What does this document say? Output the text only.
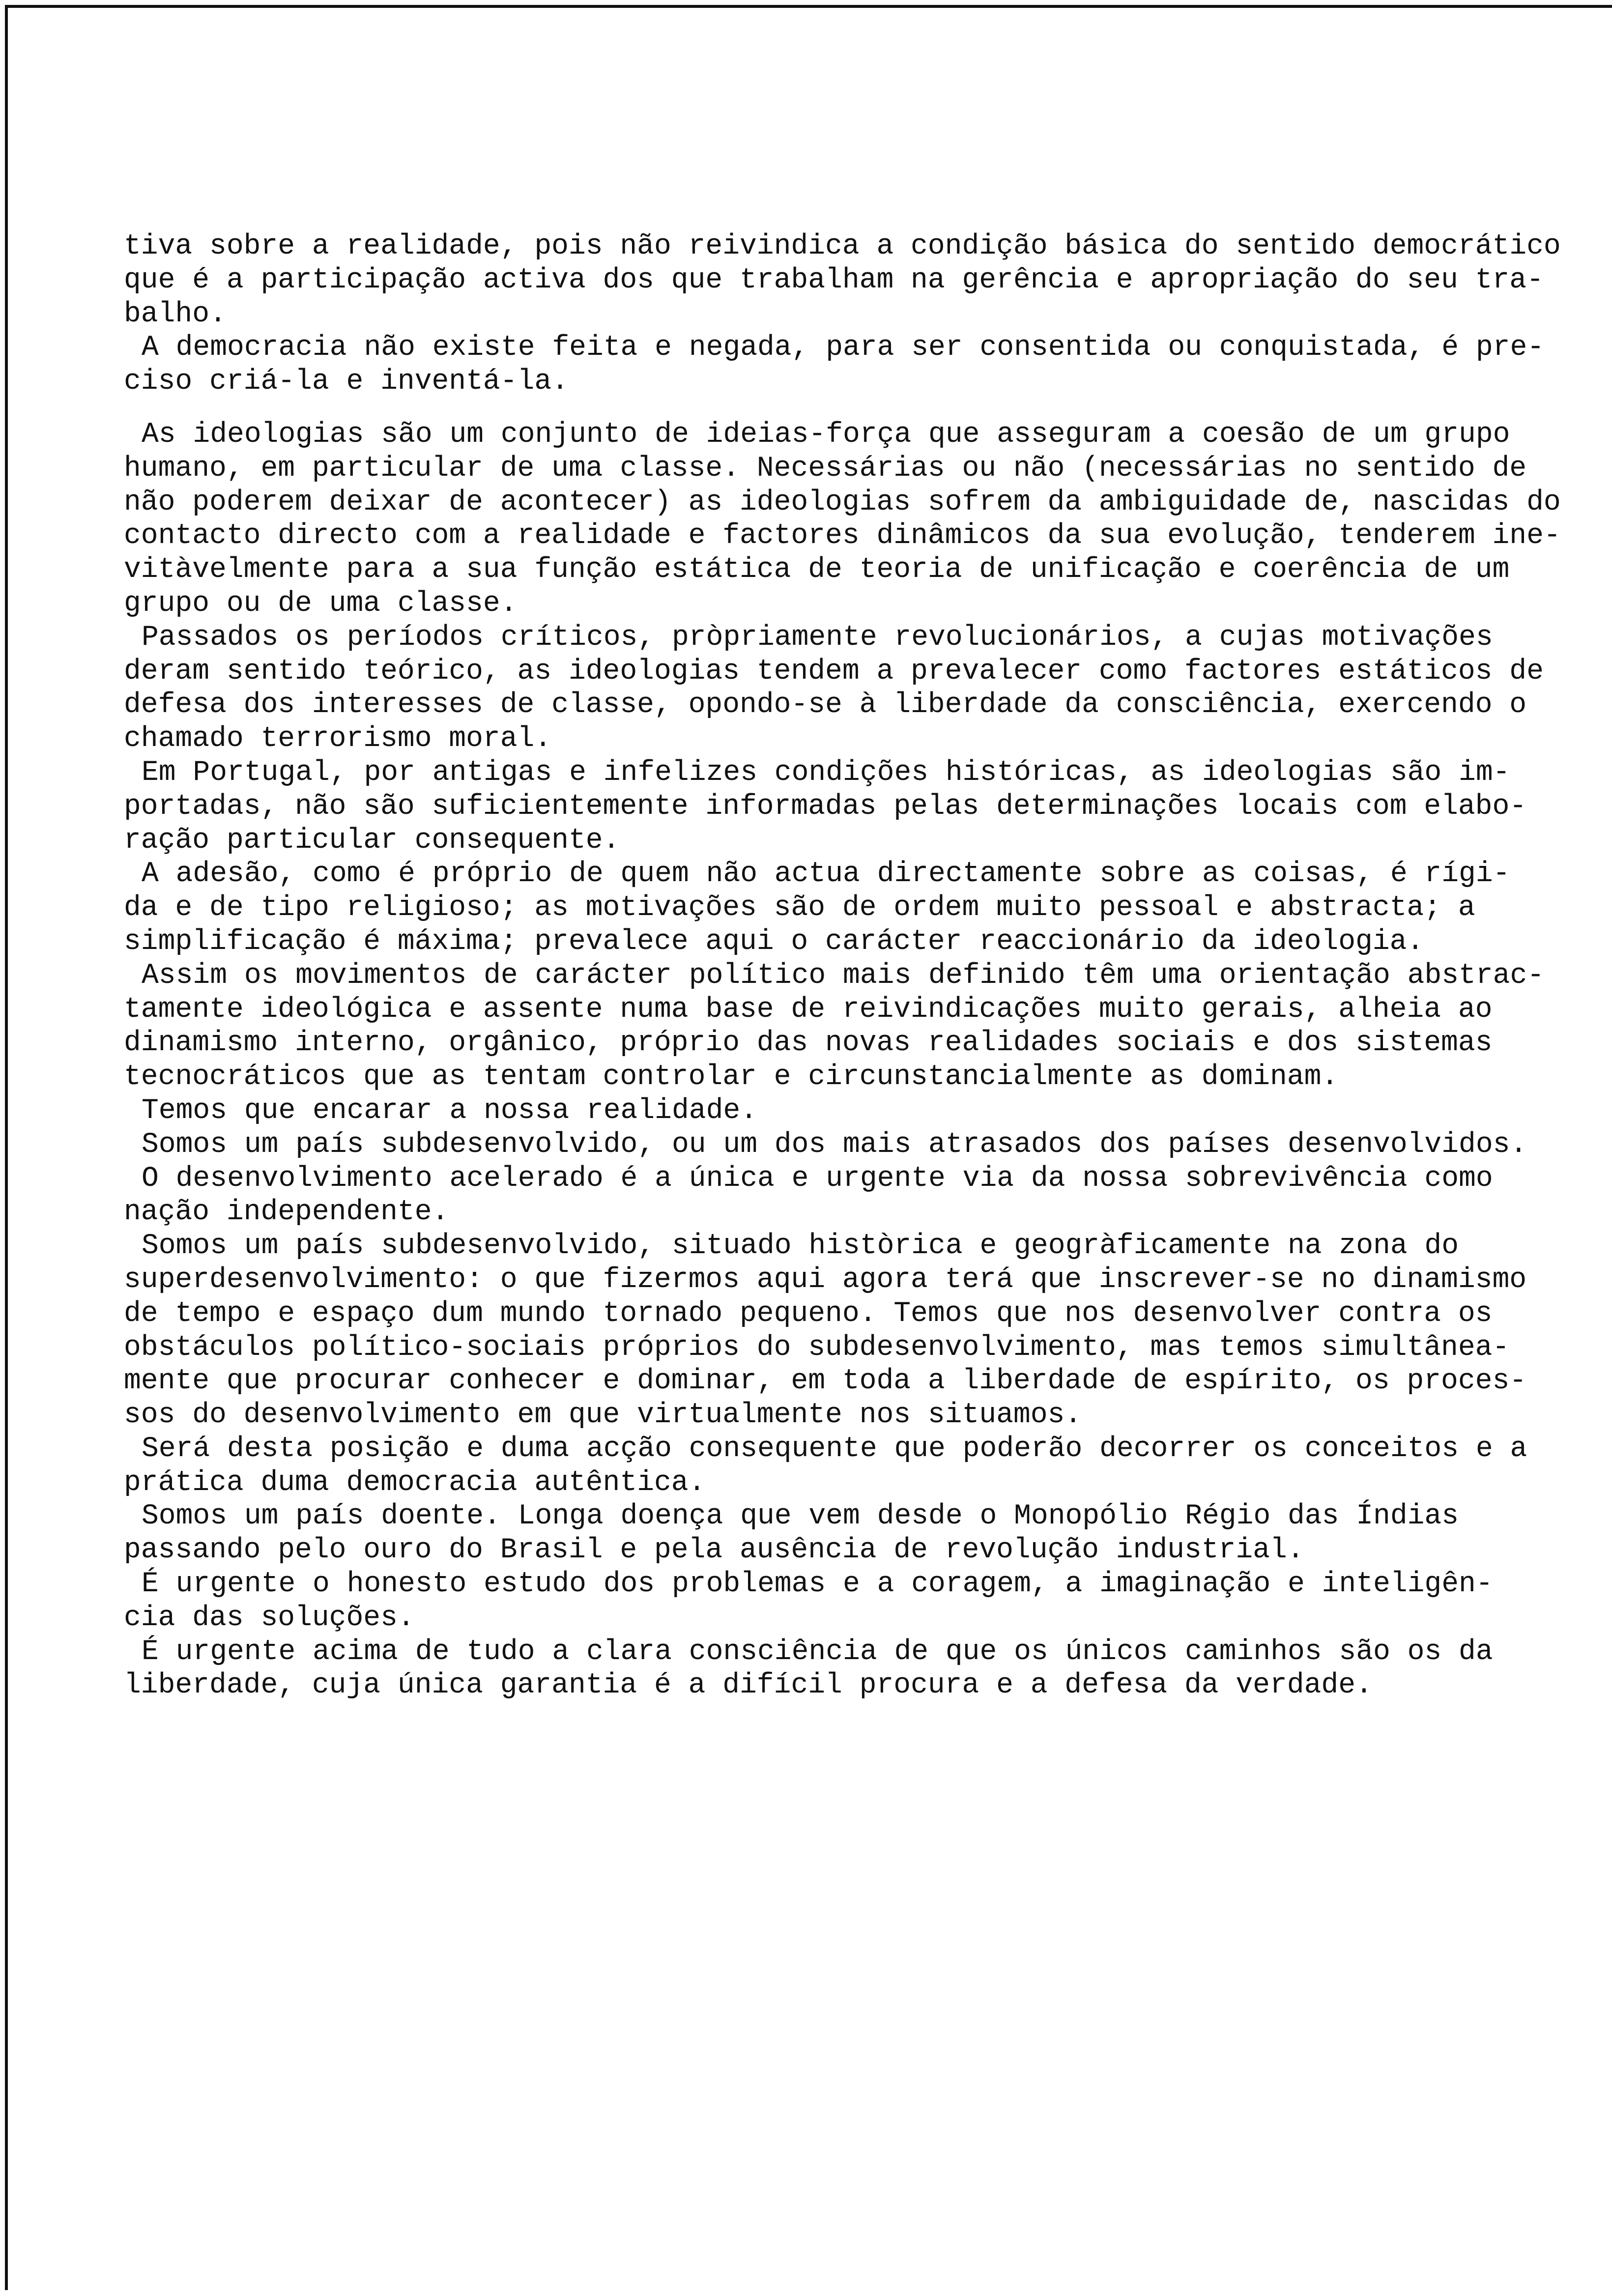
tiva sobre a realidade, pois não reivindica a condição básica do sentido democrático
que é a participação activa dos que trabalham na gerência e apropriação do seu tra-
balho.
A democracia não existe feita e negada, para ser consentida ou conquistada, é pre-
ciso criá-la e inventá-la.
As ideologias são um conjunto de ideias-força que asseguram a coesão de um grupo
humano, em particular de uma classe. Necessárias ou não (necessárias no sentido de
não poderem deixar de acontecer) as ideologias sofrem da ambiguidade de, nascidas do
contacto directo com a realidade e factores dinâmicos da sua evolução, tenderem ine-
vitàvelmente para a sua função estática de teoria de unificação e coerência de um
grupo ou de uma classe.
Passados os períodos críticos, pròpriamente revolucionários, a cujas motivações
deram sentido teórico, as ideologias tendem a prevalecer como factores estáticos de
defesa dos interesses de classe, opondo-se à liberdade da consciência, exercendo o
chamado terrorismo moral.
Em Portugal, por antigas e infelizes condições históricas, as ideologias são im-
portadas, não são suficientemente informadas pelas determinações locais com elabo-
ração particular consequente.
A adesão, como é próprio de quem não actua directamente sobre as coisas, é rígi-
da e de tipo religioso; as motivações são de ordem muito pessoal e abstracta; a
simplificação é máxima; prevalece aqui o carácter reaccionário da ideologia.
Assim os movimentos de carácter político mais definido têm uma orientação abstrac-
tamente ideológica e assente numa base de reivindicações muito gerais, alheia ao
dinamismo interno, orgânico, próprio das novas realidades sociais e dos sistemas
tecnocráticos que as tentam controlar e circunstancialmente as dominam.
Temos que encarar a nossa realidade.
Somos um país subdesenvolvido, ou um dos mais atrasados dos países desenvolvidos.
O desenvolvimento acelerado é a única e urgente via da nossa sobrevivência como
nação independente.
Somos um país subdesenvolvido, situado històrica e geogràficamente na zona do
superdesenvolvimento: o que fizermos aqui agora terá que inscrever-se no dinamismo
de tempo e espaço dum mundo tornado pequeno. Temos que nos desenvolver contra os
obstáculos político-sociais próprios do subdesenvolvimento, mas temos simultânea-
mente que procurar conhecer e dominar, em toda a liberdade de espírito, os proces-
sos do desenvolvimento em que virtualmente nos situamos.
Será desta posição e duma acção consequente que poderão decorrer os conceitos e a
prática duma democracia autêntica.
Somos um país doente. Longa doença que vem desde o Monopólio Régio das Índias
passando pelo ouro do Brasil e pela ausência de revolução industrial.
É urgente o honesto estudo dos problemas e a coragem, a imaginação e inteligên-
cia das soluções.
É urgente acima de tudo a clara consciência de que os únicos caminhos são os da
liberdade, cuja única garantia é a difícil procura e a defesa da verdade.
